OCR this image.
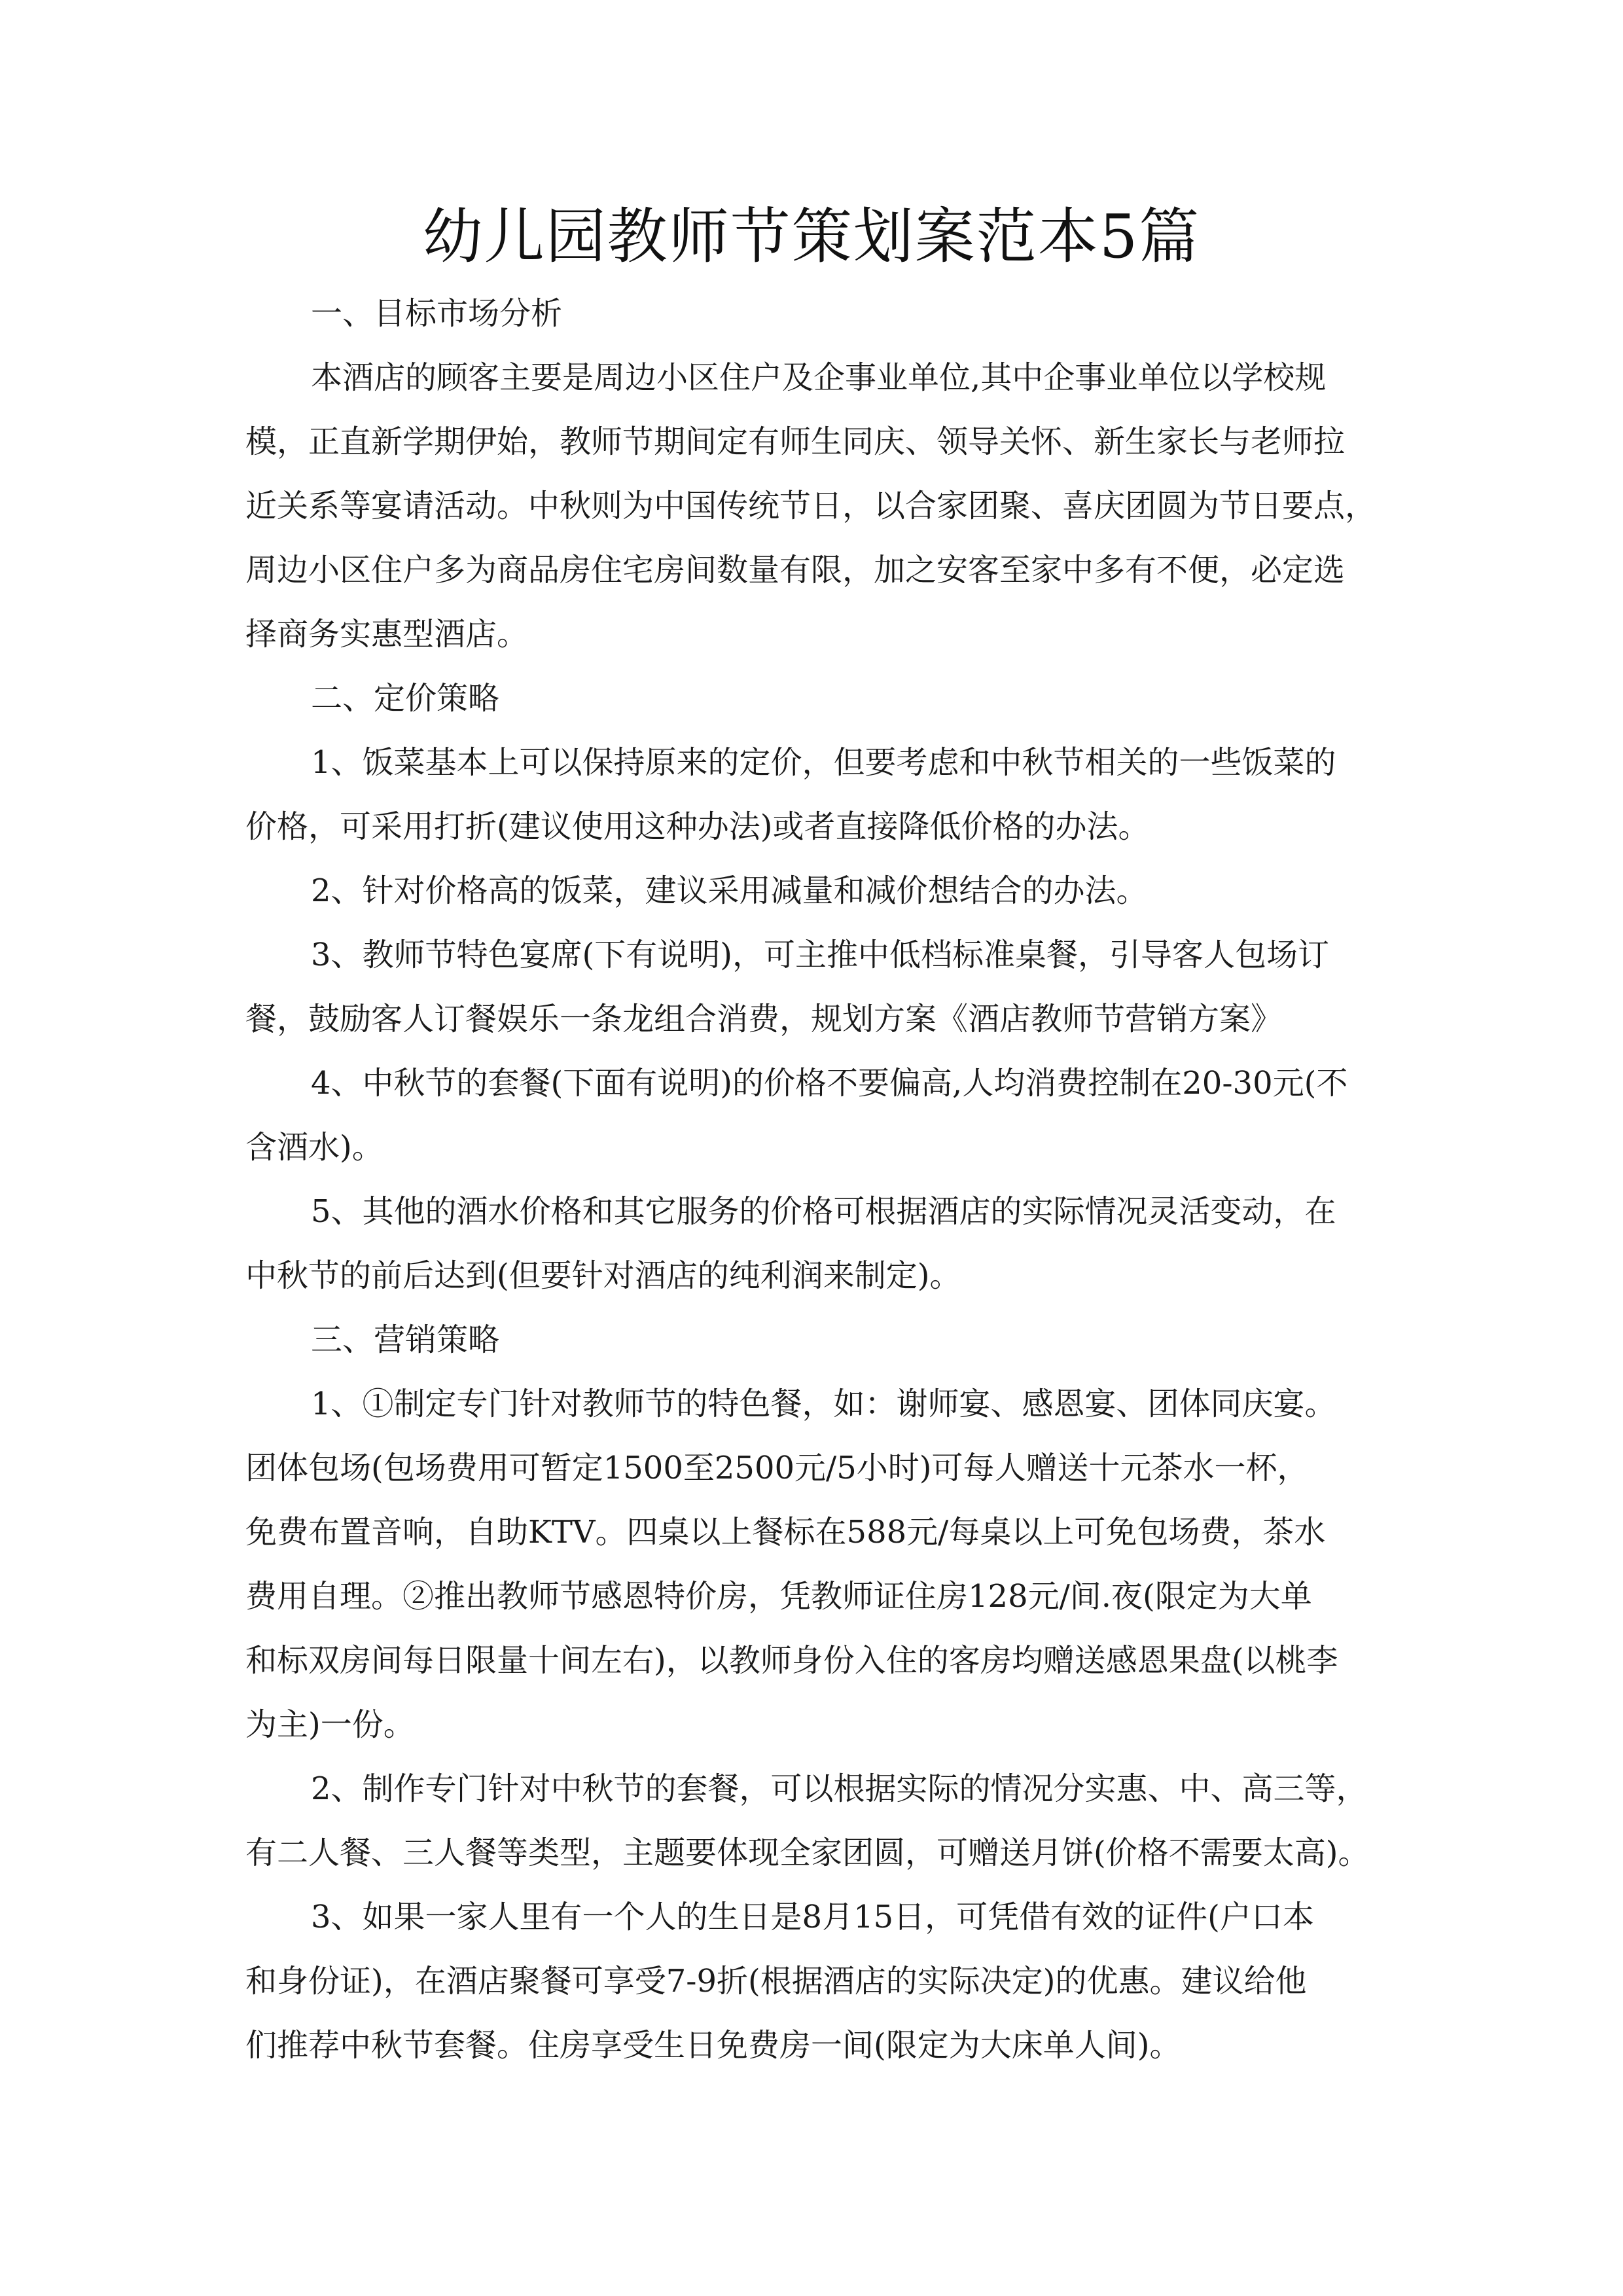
幼儿园教师节策划案范本5篇
一、目标市场分析
本酒店的顾客主要是周边小区住户及企事业单位,其中企事业单位以学校规
模，正直新学期伊始，教师节期间定有师生同庆、领导关怀、新生家长与老师拉
近关系等宴请活动。中秋则为中国传统节日，以合家团聚、喜庆团圆为节日要点，
周边小区住户多为商品房住宅房间数量有限，加之安客至家中多有不便，必定选
择商务实惠型酒店。
二、定价策略
1、饭菜基本上可以保持原来的定价，但要考虑和中秋节相关的一些饭菜的
价格，可采用打折(建议使用这种办法)或者直接降低价格的办法。
2、针对价格高的饭菜，建议采用减量和减价想结合的办法。
3、教师节特色宴席(下有说明)，可主推中低档标准桌餐，引导客人包场订
餐，鼓励客人订餐娱乐一条龙组合消费，规划方案《酒店教师节营销方案》
4、中秋节的套餐(下面有说明)的价格不要偏高,人均消费控制在20-30元(不
含酒水)。
5、其他的酒水价格和其它服务的价格可根据酒店的实际情况灵活变动，在
中秋节的前后达到(但要针对酒店的纯利润来制定)。
三、营销策略
1、①制定专门针对教师节的特色餐，如：谢师宴、感恩宴、团体同庆宴。
团体包场(包场费用可暂定1500至2500元/5小时)可每人赠送十元茶水一杯，
免费布置音响，自助KTV。四桌以上餐标在588元/每桌以上可免包场费，茶水
费用自理。②推出教师节感恩特价房，凭教师证住房128元/间.夜(限定为大单
和标双房间每日限量十间左右)，以教师身份入住的客房均赠送感恩果盘(以桃李
为主)一份。
2、制作专门针对中秋节的套餐，可以根据实际的情况分实惠、中、高三等，
有二人餐、三人餐等类型，主题要体现全家团圆，可赠送月饼(价格不需要太高)。
3、如果一家人里有一个人的生日是8月15日，可凭借有效的证件(户口本
和身份证)，在酒店聚餐可享受7-9折(根据酒店的实际决定)的优惠。建议给他
们推荐中秋节套餐。住房享受生日免费房一间(限定为大床单人间)。
